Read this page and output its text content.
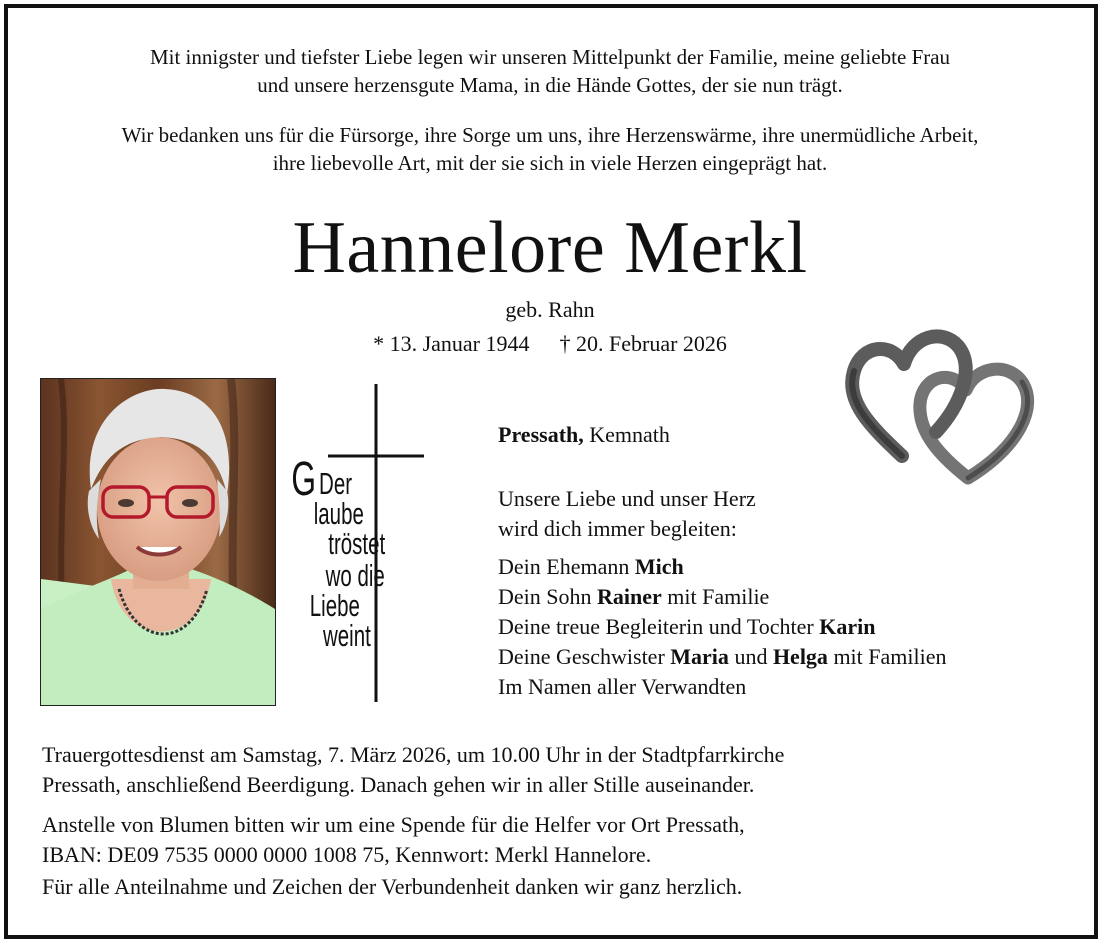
Mit innigster und tiefster Liebe legen wir unseren Mittelpunkt der Familie, meine geliebte Frau

und unsere herzensgute Mama, in die Hände Gottes, der sie nun trägt.

Wir bedanken uns für die Fürsorge, ihre Sorge um uns, ihre Herzenswärme, ihre unermüdliche Arbeit,

ihre liebevolle Art, mit der sie sich in viele Herzen eingeprägt hat.

Hannelore Merkl
geb. Rahn
* 13. Januar 1944 † 20. Februar 2026
G Der
laube
tröstet
wo die
Liebe
weint

Pressath, Kemnath

Unsere Liebe und unser Herz

wird dich immer begleiten:

Dein Ehemann Mich

Dein Sohn Rainer mit Familie

Deine treue Begleiterin und Tochter Karin

Deine Geschwister Maria und Helga mit Familien

Im Namen aller Verwandten

Trauergottesdienst am Samstag, 7. März 2026, um 10.00 Uhr in der Stadtpfarrkirche

Pressath, anschließend Beerdigung. Danach gehen wir in aller Stille auseinander.

Anstelle von Blumen bitten wir um eine Spende für die Helfer vor Ort Pressath,

IBAN: DE09 7535 0000 0000 1008 75, Kennwort: Merkl Hannelore.

Für alle Anteilnahme und Zeichen der Verbundenheit danken wir ganz herzlich.
